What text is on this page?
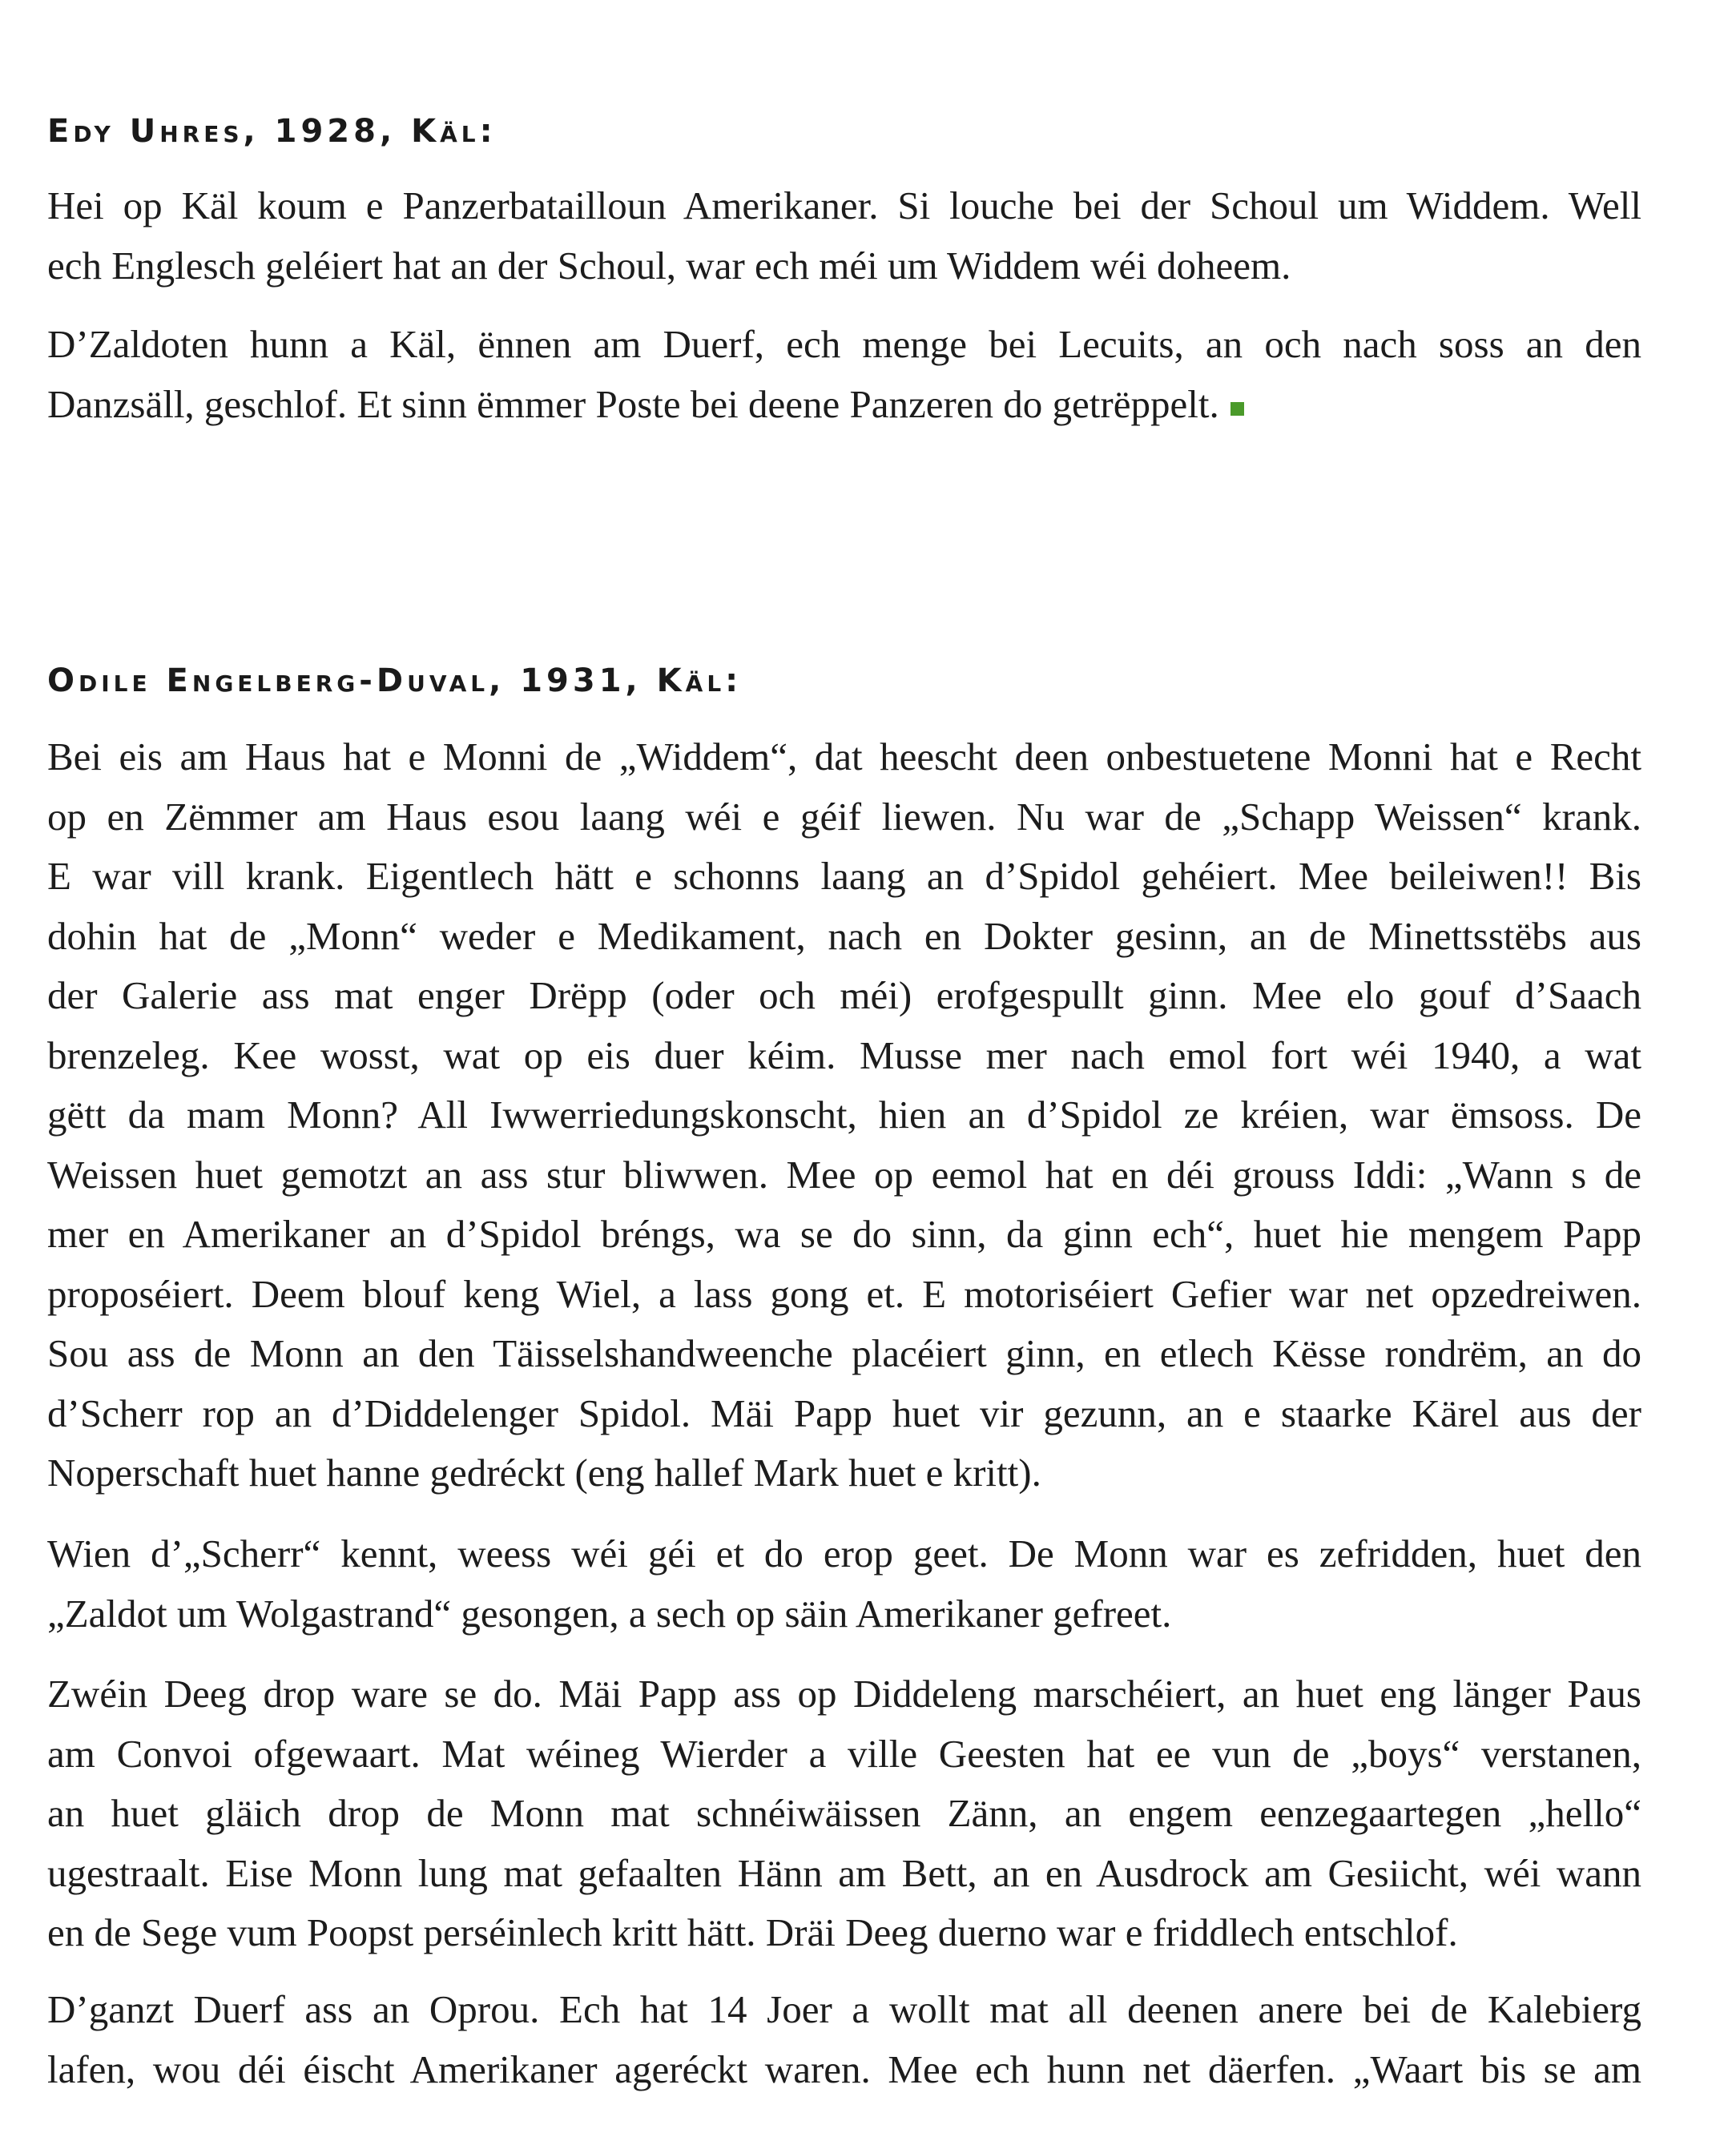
Edy Uhres, 1928, Käl:
Hei op Käl koum e Panzerbatailloun Amerikaner. Si louche bei der Schoul um Widdem. Well
ech Englesch geléiert hat an der Schoul, war ech méi um Widdem wéi doheem.
D’Zaldoten hunn a Käl, ënnen am Duerf, ech menge bei Lecuits, an och nach soss an den
Danzsäll, geschlof. Et sinn ëmmer Poste bei deene Panzeren do getrëppelt.
Odile Engelberg-Duval, 1931, Käl:
Bei eis am Haus hat e Monni de „Widdem“, dat heescht deen onbestuetene Monni hat e Recht
op en Zëmmer am Haus esou laang wéi e géif liewen. Nu war de „Schapp Weissen“ krank.
E war vill krank. Eigentlech hätt e schonns laang an d’Spidol gehéiert. Mee beileiwen!! Bis
dohin hat de „Monn“ weder e Medikament, nach en Dokter gesinn, an de Minettsstëbs aus
der Galerie ass mat enger Drëpp (oder och méi) erofgespullt ginn. Mee elo gouf d’Saach
brenzeleg. Kee wosst, wat op eis duer kéim. Musse mer nach emol fort wéi 1940, a wat
gëtt da mam Monn? All Iwwerriedungskonscht, hien an d’Spidol ze kréien, war ëmsoss. De
Weissen huet gemotzt an ass stur bliwwen. Mee op eemol hat en déi grouss Iddi: „Wann s de
mer en Amerikaner an d’Spidol bréngs, wa se do sinn, da ginn ech“, huet hie mengem Papp
proposéiert. Deem blouf keng Wiel, a lass gong et. E motoriséiert Gefier war net opzedreiwen.
Sou ass de Monn an den Täisselshandweenche placéiert ginn, en etlech Kësse rondrëm, an do
d’Scherr rop an d’Diddelenger Spidol. Mäi Papp huet vir gezunn, an e staarke Kärel aus der
Noperschaft huet hanne gedréckt (eng hallef Mark huet e kritt).
Wien d’„Scherr“ kennt, weess wéi géi et do erop geet. De Monn war es zefridden, huet den
„Zaldot um Wolgastrand“ gesongen, a sech op säin Amerikaner gefreet.
Zwéin Deeg drop ware se do. Mäi Papp ass op Diddeleng marschéiert, an huet eng länger Paus
am Convoi ofgewaart. Mat wéineg Wierder a ville Geesten hat ee vun de „boys“ verstanen,
an huet gläich drop de Monn mat schnéiwäissen Zänn, an engem eenzegaartegen „hello“
ugestraalt. Eise Monn lung mat gefaalten Hänn am Bett, an en Ausdrock am Gesiicht, wéi wann
en de Sege vum Poopst perséinlech kritt hätt. Dräi Deeg duerno war e friddlech entschlof.
D’ganzt Duerf ass an Oprou. Ech hat 14 Joer a wollt mat all deenen anere bei de Kalebierg
lafen, wou déi éischt Amerikaner ageréckt waren. Mee ech hunn net däerfen. „Waart bis se am
